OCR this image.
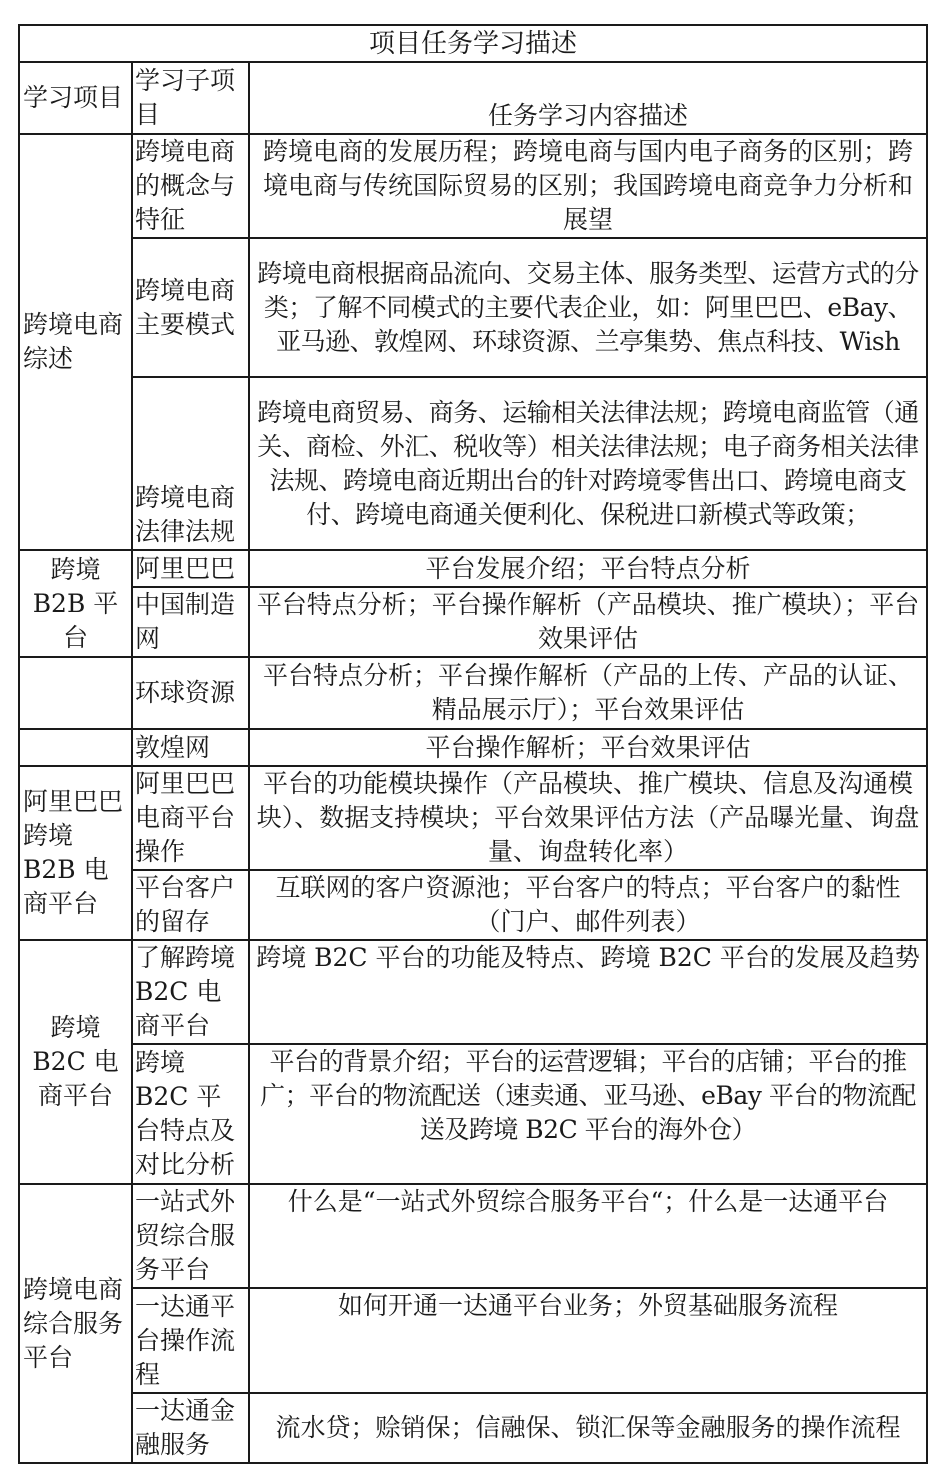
项目任务学习描述		
学习项目	学习子项目	任务学习内容描述
跨境电商综述	跨境电商的概念与特征	跨境电商的发展历程；跨境电商与国内电子商务的区别；跨境电商与传统国际贸易的区别；我国跨境电商竞争力分析和展望
	跨境电商主要模式	跨境电商根据商品流向、交易主体、服务类型、运营方式的分类；了解不同模式的主要代表企业，如：阿里巴巴、eBay、亚马逊、敦煌网、环球资源、兰亭集势、焦点科技、Wish
	跨境电商法律法规	跨境电商贸易、商务、运输相关法律法规；跨境电商监管（通关、商检、外汇、税收等）相关法律法规；电子商务相关法律法规、跨境电商近期出台的针对跨境零售出口、跨境电商支付、跨境电商通关便利化、保税进口新模式等政策；
跨境 B2B 平台	阿里巴巴	平台发展介绍；平台特点分析
	中国制造网	平台特点分析；平台操作解析（产品模块、推广模块）；平台效果评估
	环球资源	平台特点分析；平台操作解析（产品的上传、产品的认证、精品展示厅）；平台效果评估
	敦煌网	平台操作解析；平台效果评估
阿里巴巴跨境 B2B 电商平台	阿里巴巴电商平台操作	平台的功能模块操作（产品模块、推广模块、信息及沟通模块）、数据支持模块；平台效果评估方法（产品曝光量、询盘量、询盘转化率）
	平台客户的留存	互联网的客户资源池；平台客户的特点；平台客户的黏性（门户、邮件列表）
跨境 B2C 电商平台	了解跨境 B2C 电商平台	跨境 B2C 平台的功能及特点、跨境 B2C 平台的发展及趋势
	跨境 B2C 平台特点及对比分析	平台的背景介绍；平台的运营逻辑；平台的店铺；平台的推广；平台的物流配送（速卖通、亚马逊、eBay 平台的物流配送及跨境 B2C 平台的海外仓）
跨境电商综合服务平台	一站式外贸综合服务平台	什么是“一站式外贸综合服务平台“；什么是一达通平台
	一达通平台操作流程	如何开通一达通平台业务；外贸基础服务流程
	一达通金融服务	流水贷；赊销保；信融保、锁汇保等金融服务的操作流程
